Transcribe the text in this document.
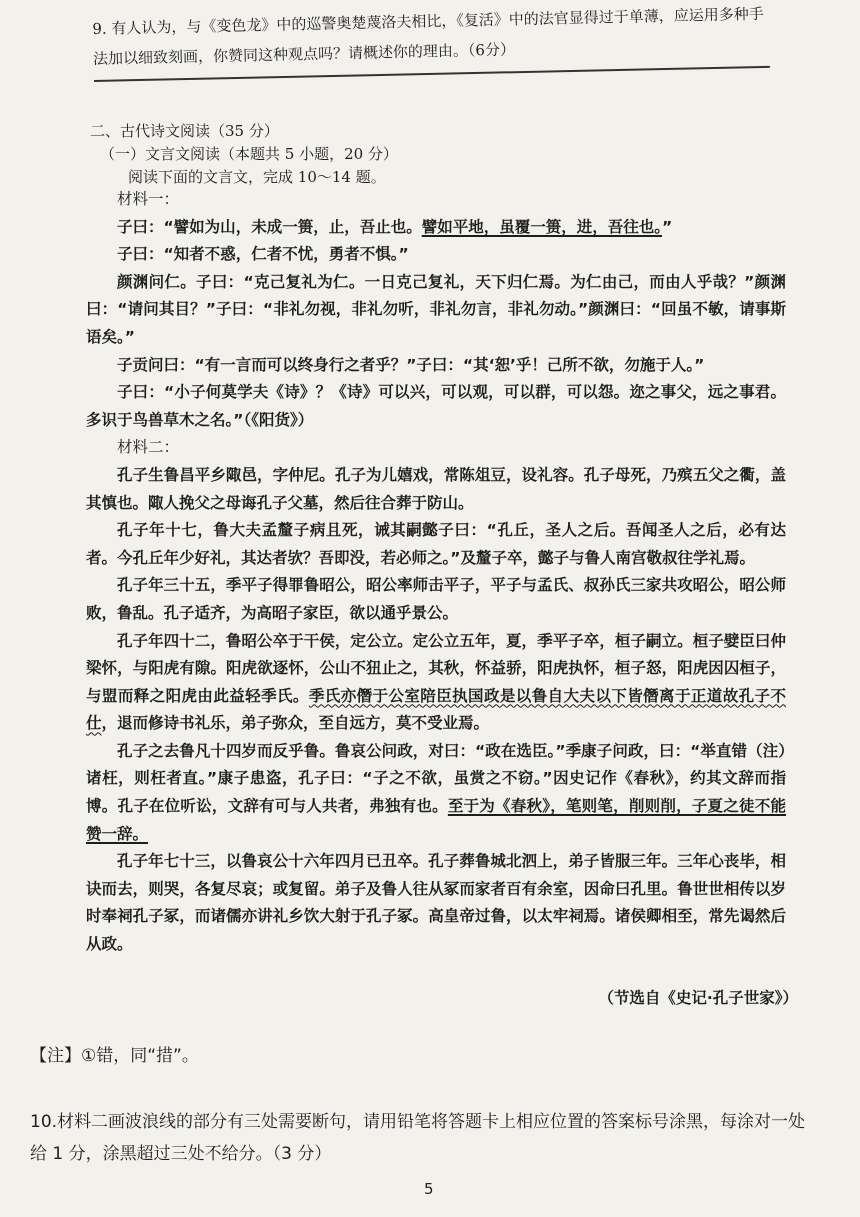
9. 有人认为，与《变色龙》中的巡警奥楚蔑洛夫相比，《复活》中的法官显得过于单薄，应运用多种手法加以细致刻画，你赞同这种观点吗？请概述你的理由。（6分）
二、古代诗文阅读（35 分）
（一）文言文阅读（本题共 5 小题，20 分）
阅读下面的文言文，完成 10～14 题。

材料一：

子曰：“譬如为山，未成一篑，止，吾止也。譬如平地，虽覆一篑，进，吾往也。”

子曰：“知者不惑，仁者不忧，勇者不惧。”

颜渊问仁。子曰：“克己复礼为仁。一日克己复礼，天下归仁焉。为仁由己，而由人乎哉？”颜渊曰：“请问其目？”子曰：“非礼勿视，非礼勿听，非礼勿言，非礼勿动。”颜渊曰：“回虽不敏，请事斯语矣。”

子贡问曰：“有一言而可以终身行之者乎？”子曰：“其‘恕’乎！己所不欲，勿施于人。”

子曰：“小子何莫学夫《诗》？《诗》可以兴，可以观，可以群，可以怨。迩之事父，远之事君。多识于鸟兽草木之名。”（《阳货》）

材料二：

孔子生鲁昌平乡陬邑，字仲尼。孔子为儿嬉戏，常陈俎豆，设礼容。孔子母死，乃殡五父之衢，盖其慎也。陬人挽父之母诲孔子父墓，然后往合葬于防山。

孔子年十七，鲁大夫孟釐子病且死，诫其嗣懿子曰：“孔丘，圣人之后。吾闻圣人之后，必有达者。今孔丘年少好礼，其达者欤？吾即没，若必师之。”及釐子卒，懿子与鲁人南宫敬叔往学礼焉。

孔子年三十五，季平子得罪鲁昭公，昭公率师击平子，平子与孟氏、叔孙氏三家共攻昭公，昭公师败，鲁乱。孔子适齐，为高昭子家臣，欲以通乎景公。

孔子年四十二，鲁昭公卒于干侯，定公立。定公立五年，夏，季平子卒，桓子嗣立。桓子嬖臣曰仲梁怀，与阳虎有隙。阳虎欲逐怀，公山不狃止之，其秋，怀益骄，阳虎执怀，桓子怒，阳虎因囚桓子，与盟而释之阳虎由此益轻季氏。季氏亦僭于公室陪臣执国政是以鲁自大夫以下皆僭离于正道故孔子不仕，退而修诗书礼乐，弟子弥众，至自远方，莫不受业焉。

孔子之去鲁凡十四岁而反乎鲁。鲁哀公问政，对曰：“政在选臣。”季康子问政，曰：“举直错（注）诸枉，则枉者直。”康子患盗，孔子曰：“子之不欲，虽赏之不窃。”因史记作《春秋》，约其文辞而指博。孔子在位听讼，文辞有可与人共者，弗独有也。至于为《春秋》，笔则笔，削则削，子夏之徒不能赞一辞。

孔子年七十三，以鲁哀公十六年四月已丑卒。孔子葬鲁城北泗上，弟子皆服三年。三年心丧毕，相诀而去，则哭，各复尽哀；或复留。弟子及鲁人往从冢而家者百有余室，因命曰孔里。鲁世世相传以岁时奉祠孔子冢，而诸儒亦讲礼乡饮大射于孔子冢。高皇帝过鲁，以太牢祠焉。诸侯卿相至，常先谒然后从政。

（节选自《史记·孔子世家》）
【注】①错，同“措”。
10.材料二画波浪线的部分有三处需要断句，请用铅笔将答题卡上相应位置的答案标号涂黑，每涂对一处给 1 分，涂黑超过三处不给分。（3 分）
5
